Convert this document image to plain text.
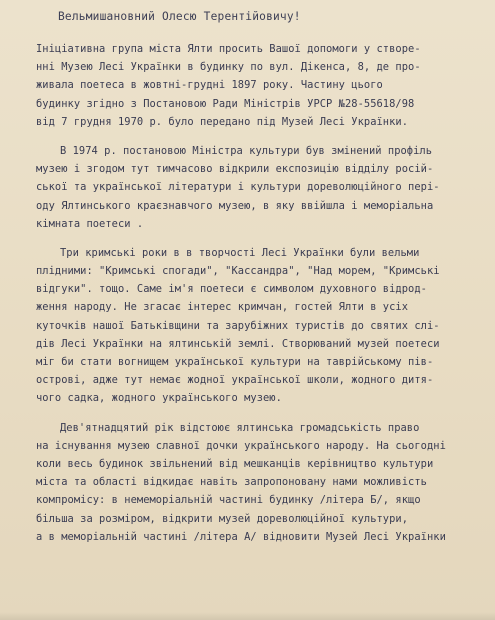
Вельмишановний Олесю Терентійовичу!
Ініціативна група міста Ялти просить Вашої допомоги у створе-
нні Музею Лесі Українки в будинку по вул. Дікенса, 8, де про-
живала поетеса в жовтні-грудні 1897 року. Частину цього
будинку згідно з Постановою Ради Міністрів УРСР №28-55618/98
від 7 грудня 1970 р. було передано під Музей Лесі Українки.
В 1974 р. постановою Міністра культури був змінений профіль
музею і згодом тут тимчасово відкрили експозицію відділу росій-
ської та української літератури і культури дореволюційного пері-
оду Ялтинського краєзнавчого музею, в яку ввійшла і меморіальна
кімната поетеси .
Три кримські роки в в творчості Лесі Українки були вельми
плідними: "Кримські спогади", "Кассандра", "Над морем, "Кримські
відгуки". тощо. Саме ім'я поетеси є символом духовного відрод-
ження народу. Не згасає інтерес кримчан, гостей Ялти в усіх
куточків нашої Батьківщини та зарубіжних туристів до святих слі-
дів Лесі Українки на ялтинській землі. Створюваний музей поетеси
міг би стати вогнищем української культури на таврійському пів-
острові, адже тут немає жодної української школи, жодного дитя-
чого садка, жодного українського музею.
Дев'ятнадцятий рік відстоює ялтинська громадськість право
на існування музею славної дочки українського народу. На сьогодні
коли весь будинок звільнений від мешканців керівництво культури
міста та області відкидає навіть запропоновану нами можливість
компромісу: в немеморіальній частині будинку /літера Б/, якщо
більша за розміром, відкрити музей дореволюційної культури,
а в меморіальній частині /літера А/ відновити Музей Лесі Українки
